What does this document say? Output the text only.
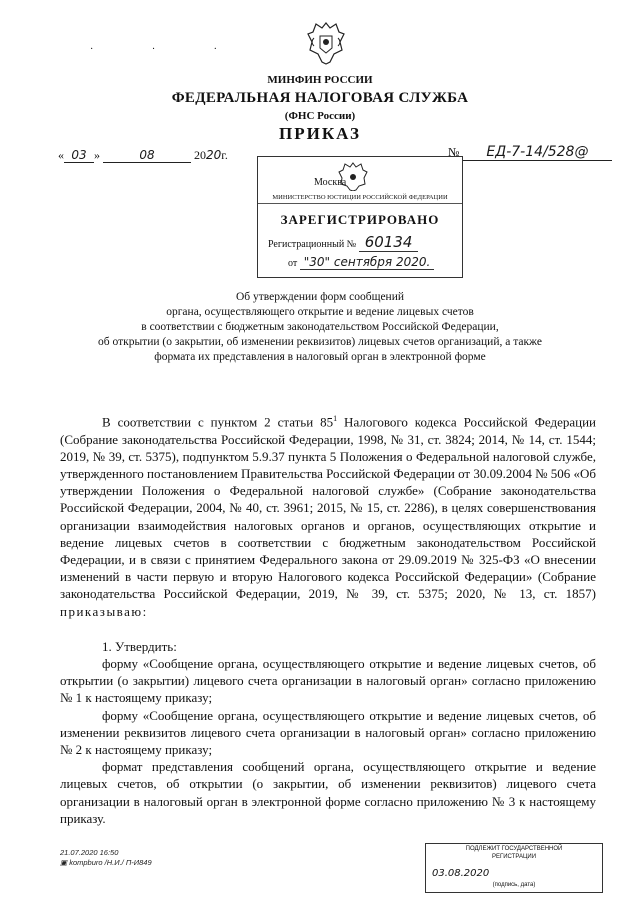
· · ·
МИНФИН РОССИИ
ФЕДЕРАЛЬНАЯ НАЛОГОВАЯ СЛУЖБА
(ФНС России)
ПРИКАЗ
« 03 »	08	2020г.	№ ЕД-7-14/528@
Москва
МИНИСТЕРСТВО ЮСТИЦИИ РОССИЙСКОЙ ФЕДЕРАЦИИ
ЗАРЕГИСТРИРОВАНО
Регистрационный № 60134
от "30" сентября 2020.
Об утверждении форм сообщений
органа, осуществляющего открытие и ведение лицевых счетов
в соответствии с бюджетным законодательством Российской Федерации,
об открытии (о закрытии, об изменении реквизитов) лицевых счетов организаций, а также
формата их представления в налоговый орган в электронной форме

В соответствии с пунктом 2 статьи $85^1$ Налогового кодекса Российской Федерации (Собрание законодательства Российской Федерации, 1998, № 31, ст. 3824; 2014, № 14, ст. 1544; 2019, № 39, ст. 5375), подпунктом 5.9.37 пункта 5 Положения о Федеральной налоговой службе, утвержденного постановлением Правительства Российской Федерации от 30.09.2004 № 506 «Об утверждении Положения о Федеральной налоговой службе» (Собрание законодательства Российской Федерации, 2004, № 40, ст. 3961; 2015, № 15, ст. 2286), в целях совершенствования организации взаимодействия налоговых органов и органов, осуществляющих открытие и ведение лицевых счетов в соответствии с бюджетным законодательством Российской Федерации, и в связи с принятием Федерального закона от 29.09.2019 № 325-ФЗ «О внесении изменений в части первую и вторую Налогового кодекса Российской Федерации» (Собрание законодательства Российской Федерации, 2019, № 39, ст. 5375; 2020, № 13, ст. 1857) приказываю:

1. Утвердить:

форму «Сообщение органа, осуществляющего открытие и ведение лицевых счетов, об открытии (о закрытии) лицевого счета организации в налоговый орган» согласно приложению № 1 к настоящему приказу;

форму «Сообщение органа, осуществляющего открытие и ведение лицевых счетов, об изменении реквизитов лицевого счета организации в налоговый орган» согласно приложению № 2 к настоящему приказу;

формат представления сообщений органа, осуществляющего открытие и ведение лицевых счетов, об открытии (о закрытии, об изменении реквизитов) лицевого счета организации в налоговый орган в электронной форме согласно приложению № 3 к настоящему приказу.

21.07.2020 16:50
▣ kompburo /Н.И./ П-И849
ПОДЛЕЖИТ ГОСУДАРСТВЕННОЙ
РЕГИСТРАЦИИ
03.08.2020
(подпись, дата)
